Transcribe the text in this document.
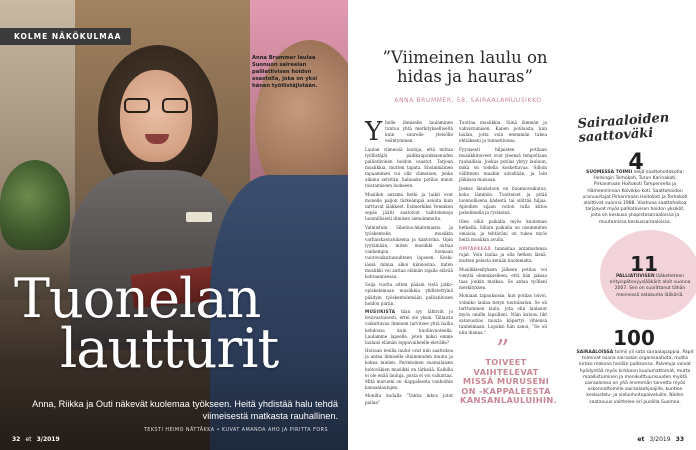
KOLME NÄKÖKULMAA
Anna Brummer laulaa Suonuon saireelan palliatiivisen hoidon osastolla, joka on yksi hänen työllistäjistään.
Tuonelan
lautturit
Anna, Riikka ja Outi näkevät kuolemaa työkseen. Heitä yhdistää halu tehdä viimeisestä matkasta rauhallinen.
TEKSTI HEIMO NÄTTÄKKA • KUVAT AMANDA AHO JA PIRITTA FORS
32 et 3/2019
”Viimeinen laulu on hidas ja hauras”
ANNA BRUMMER, 58, SAIRAALAMUUSIKKO

Yhelle ihmiselle laulaminen tuntuu yhtä merkitykselliseltä kuin suurelle yleisölle esiintyminen.

Laulan viimeisiä lauluja, että mittaa työllistäjät päikkaupunkisenuden palliatiivinen hoidon osastot. Tarjoan musiikkia, mutten tapata. Ensimmäinen tapaaminen voi olla viimeinen, jonka aikana selvitän, haluaako potilas minut toistamiseen luokseen.

Musiikin antama hetki ja taikit ovat monelle paljon tärkeämpiä asioita kuin tarttuvat lääkkeet. Esimerkiksi Vennikon sepäs jäätti saatoivat vaihtokenoja luonnillisesti ihmisen sienoimmulta.

Valmistuin Sibelius-Akatemiasta ja työskentelin musiikin varhaiskasvatuksena ja kantorina. Opin tyytämään, miten musiikki auttaa vanhempia luomaan vuorovaikutussuhteen lapseen. Keski-iässä minua alkoi kiinnostaa, miten musiikki voi auttaa elämän rajalla elävää kohtaamisessa.

Soija vuotta sitten pääsin vielä jatko-opiskelemaan musiikkia yhdistettyinä päädyin työskentelemään palliatiivisen hoidon pariin.

MUSIIKISTA tilan syy lähtivät jo levävastaisesti, ertei ole yksin. Tällaista vaikuttavaa ihminen tarvitsee yhtä hallia kehdossa kuin kuolinvuoteella. Laulamme lapselle, joten miksi emme laulaisi elämän loppuvaiheelle elevälle?

Hoitaan teoilla laulut ovat niin saattokoa ja antaa ihmiselle iltaimmuden muuta ja kokea mielen. Perinteinen suomalaisen hoitoväkien musiikki on tärkeää. Kaikilla ei ole enää lauluja, joista ei voi vaikuttaa. Mitä murueni on -kappaleesta vanhoihin kansanlaulujen.

Monilta kodalla ”Vanha inkoo jutut pailan”

Tuottaa musiikkia. Siinä lämmön ja vahvistumisen. Kanen potilaista, kun laulan, jotta voin enemmän tukea ehtiäkseni ja tunnetiloissa.

Fyysisesti hiljaisten potilaan musiikkitoiveet ovat yleensä tempoltaan rauhallisia. Joskus potilas yhtyy lauluun, mikä on todella koskettavaa. Silloin välitteeni maaliin siivellään, ja loin jäikässa muisaan.

Joskus läsnäoloon on huomiovaikutus, koko lämmön. Tuotteiset ja pitää luonnollisena kädestä tai silittää hiljaa. Aplodien sijaan voiton tulla kiitos puhelimella ja ryviksinä.

Olen ollut paikalla myös kuoleman hetkellä. Silloin paikalla on useimmiten omaisia, ja tehtäväni on tukea myös heitä musiikin avulla.

OMTÄRKEÄÄ tunnistaa antamistensa rajat. Voin laulaa ja olla hetken läsnä, mutten pelasta ketään kuolemalta.

Musiikkiesityksen jälkeen potilas voi vientiä olemukselleen, että hän jaksaa taas jonkin matkaa. Se antaa työlleni merkityksen.

Moniaan tapauksissa, kun potilas toivoi, voimiko laulaa tietyn tuutulaulun. Se oli tarttuminen laulu, jota olin laulanut myös omille lapsilleni. Näin kutsuu likt satavuotias muuta käpertyi vihiensä tunnelmaan. Lopuksi hän sanoi, ”Se oli niin ihanaa.”

”
TOIVEET VAIHTELEVAT MISSÄ MURUSENI ON -KAPPALEESTA KANSANLAULUIHIN.
Sairaaloiden saattoväki
4
SUOMESSA TOIMII neljä saattohoitokotia: Helsingin Terhokoti, Turun Karinakoti, Pirkanmaan Hoitokoti Tampereella ja Hämeenlinnan Koivikko-koti. Saattohoidon uranuurtajat Pirkanmaan Hoitokoti ja Terhokoti aloittivat vuonna 1988. Vaativaa saattohoitoa tarjoavat myös palliatiivisen hoidon yksiköt, joita on keskusa yliopistosairaaloissa ja muutamissa keskussairaaloissa.
11
PALLIATIIVISEN lääketieteen erityispätevyyslääkärit aloit vuonna 2007. Sen on suorittanut tähän mennessä satakunta lääkäriä.
100
SAIRAALOISSA toimii yli sata sairaalapappia. Papit toimivat osana sairaalan organisaatiota, mutta kirkko maksaa heidän palkkansa. Palveluja voivat hyödyntää myös kirkkoon kuulumattomat, mutta maallistuminen ja monikulttuurisuuden myötä sairaaloissa on yhä enemmän tarvetta myös uskonnottomille sairaalaohjaajille, kuntien keskustelu- ja sielunhoitopalveluille. Niiden saatavuus vaihtelee eri puolilla Suomea.
et 3/2019 33
